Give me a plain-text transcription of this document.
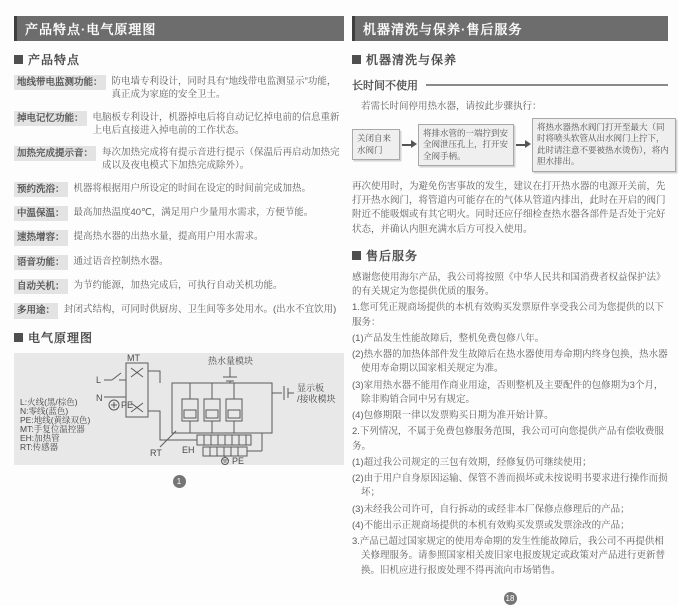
产品特点·电气原理图
产品特点
地线带电监测功能： 防电墙专利设计，同时具有“地线带电监测显示”功能，真正成为家庭的安全卫士。
掉电记忆功能： 电脑板专利设计，机器掉电后将自动记忆掉电前的信息重新上电后直接进入掉电前的工作状态。
加热完成提示音： 每次加热完成将有提示音进行提示（保温后再启动加热完成以及夜电模式下加热完成除外）。
预约洗浴： 机器将根据用户所设定的时间在设定的时间前完成加热。
中温保温： 最高加热温度40℃，满足用户少量用水需求，方便节能。
速热增容： 提高热水器的出热水量，提高用户用水需求。
语音功能： 通过语音控制热水器。
自动关机： 为节约能源，加热完成后，可执行自动关机功能。
多用途： 封闭式结构，可同时供厨房、卫生间等多处用水。(出水不宜饮用)
电气原理图
MT
L
N
PE
热水量模块
显示板
/接收模块
RT EH
PE
L:火线(黑/棕色)
N:零线(蓝色)
PE:地线(黄绿双色)
MT:手复位温控器
EH:加热管
RT:传感器
1
机器清洗与保养·售后服务
机器清洗与保养
长时间不使用
若需长时间停用热水器，请按此步骤执行：
关闭自来水阀门
将排水管的一端拧到安全阀泄压孔上，打开安全阀手柄。
将热水器热水阀门打开至最大（同时将喷头软管从出水阀门上拧下，此时请注意不要被热水烫伤），将内胆水排出。
再次使用时，为避免伤害事故的发生，建议在打开热水器的电源开关前，先打开热水阀门，将管道内可能存在的气体从管道内排出，此时在开启的阀门附近不能吸烟或有其它明火。同时还应仔细检查热水器各部件是否处于完好状态，并确认内胆充满水后方可投入使用。
售后服务
感谢您使用海尔产品，我公司将按照《中华人民共和国消费者权益保护法》的有关规定为您提供优质的服务。
1.您可凭正规商场提供的本机有效购买发票原件享受我公司为您提供的以下服务：
(1)产品发生性能故障后，整机免费包修八年。
(2)热水器的加热体部件发生故障后在热水器使用寿命期内终身包换，热水器使用寿命期以国家相关规定为准。
(3)家用热水器不能用作商业用途，否则整机及主要配件的包修期为3个月，除非购销合同中另有规定。
(4)包修期限一律以发票购买日期为准开始计算。
2.下列情况，不属于免费包修服务范围，我公司可向您提供产品有偿收费服务。
(1)超过我公司规定的三包有效期，经修复仍可继续使用；
(2)由于用户自身原因运输、保管不善而损坏或未按说明书要求进行操作而损坏；
(3)未经我公司许可，自行拆动的或经非本厂保修点修理后的产品；
(4)不能出示正规商场提供的本机有效购买发票或发票涂改的产品；
3.产品已超过国家规定的使用寿命期的发生性能故障后，我公司不再提供相关修理服务。请参照国家相关废旧家电报废规定或政策对产品进行更新替换。旧机应进行报废处理不得再流向市场销售。
18
